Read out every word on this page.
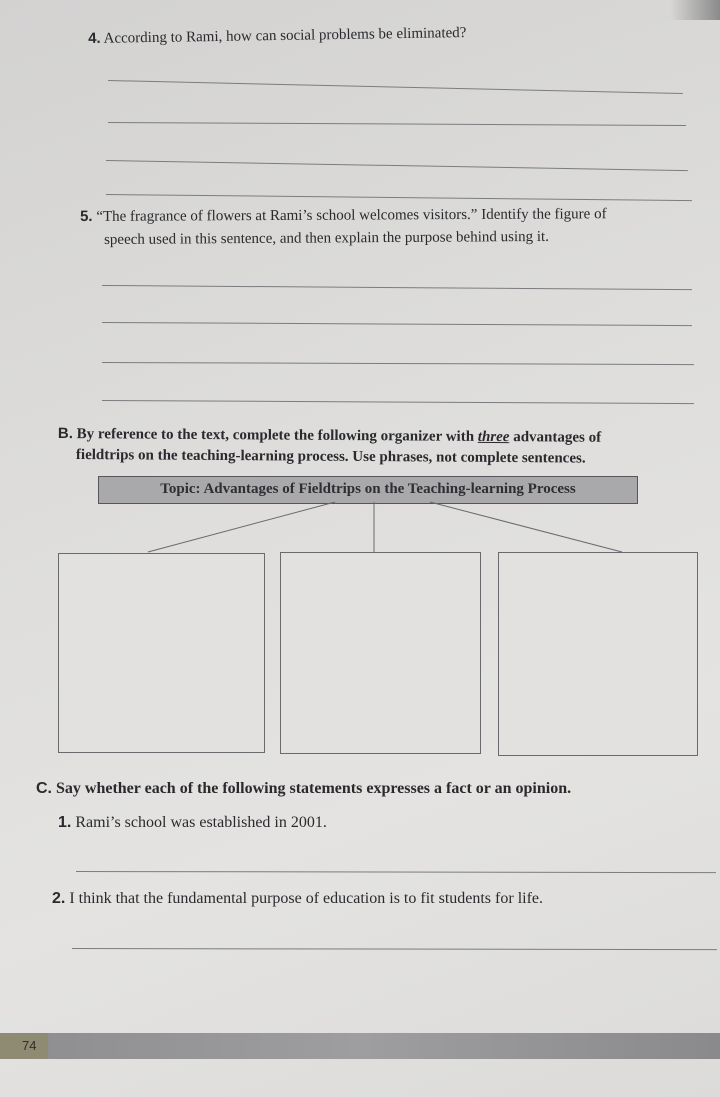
4. According to Rami, how can social problems be eliminated?
5. “The fragrance of flowers at Rami’s school welcomes visitors.” Identify the figure of
speech used in this sentence, and then explain the purpose behind using it.
B. By reference to the text, complete the following organizer with three advantages of
fieldtrips on the teaching-learning process. Use phrases, not complete sentences.
Topic: Advantages of Fieldtrips on the Teaching-learning Process
C. Say whether each of the following statements expresses a fact or an opinion.
1. Rami’s school was established in 2001.
2. I think that the fundamental purpose of education is to fit students for life.
74
